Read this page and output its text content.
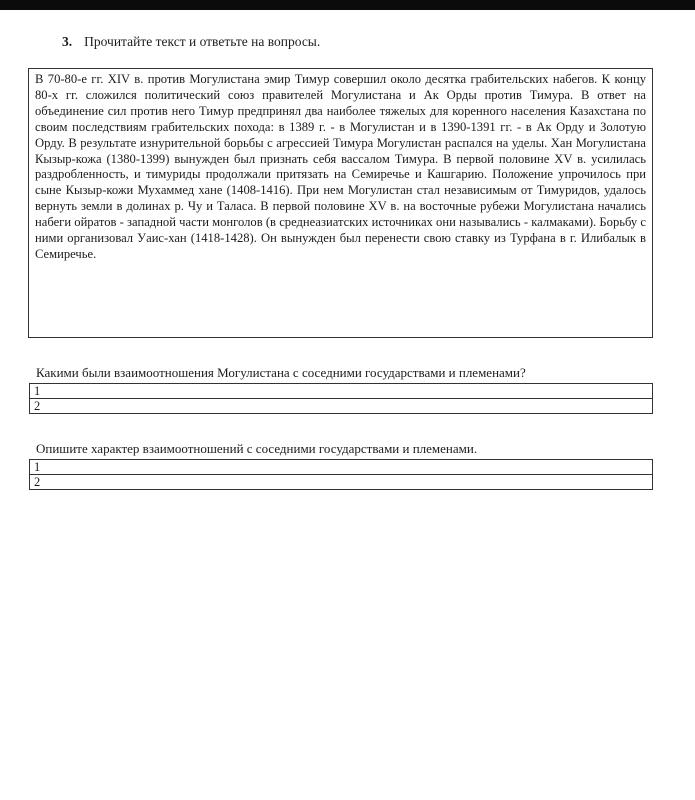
3. Прочитайте текст и ответьте на вопросы.
В 70-80-е гг. XIV в. против Могулистана эмир Тимур совершил около десятка грабительских набегов. К концу 80-х гг. сложился политический союз правителей Могулистана и Ак Орды против Тимура. В ответ на объединение сил против него Тимур предпринял два наиболее тяжелых для коренного населения Казахстана по своим последствиям грабительских похода: в 1389 г. - в Могулистан и в 1390-1391 гг. - в Ак Орду и Золотую Орду. В результате изнурительной борьбы с агрессией Тимура Могулистан распался на уделы. Хан Могулистана Кызыр-кожа (1380-1399) вынужден был признать себя вассалом Тимура. В первой половине XV в. усилилась раздробленность, и тимуриды продолжали притязать на Семиречье и Кашгарию. Положение упрочилось при сыне Кызыр-кожи Мухаммед хане (1408-1416). При нем Могулистан стал независимым от Тимуридов, удалось вернуть земли в долинах р. Чу и Таласа. В первой половине XV в. на восточные рубежи Могулистана начались набеги ойратов - западной части монголов (в среднеазиатских источниках они назывались - калмаками). Борьбу с ними организовал Уаис-хан (1418-1428). Он вынужден был перенести свою ставку из Турфана в г. Илибалык в Семиречье.
Какими были взаимоотношения Могулистана с соседними государствами и племенами?
1
2
Опишите характер взаимоотношений с соседними государствами и племенами.
1
2
